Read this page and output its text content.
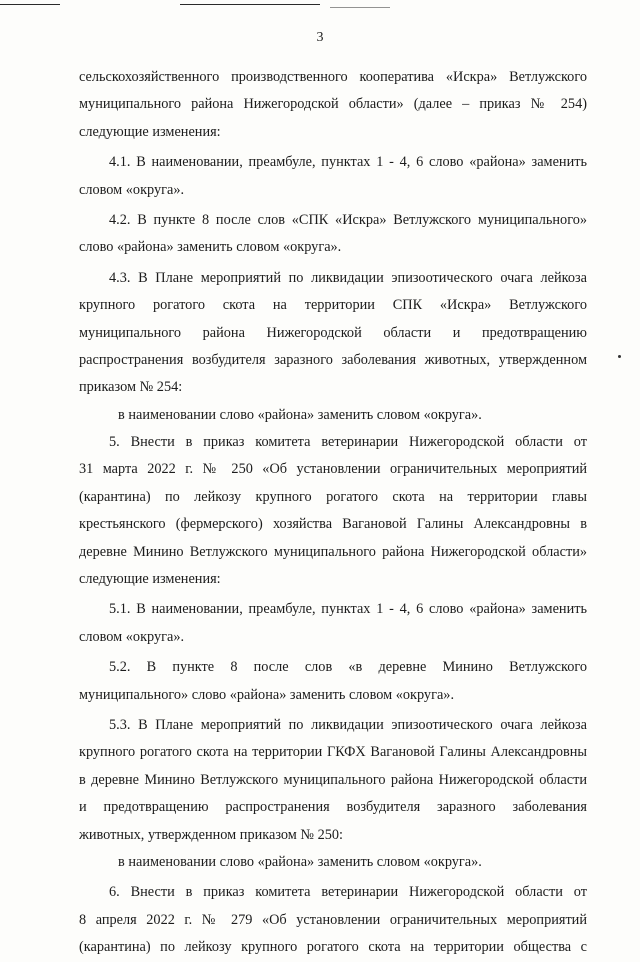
3
сельскохозяйственного производственного кооператива «Искра» Ветлужского
муниципального района Нижегородской области» (далее – приказ № 254)
следующие изменения:
4.1. В наименовании, преамбуле, пунктах 1 - 4, 6 слово «района» заменить
словом «округа».
4.2. В пункте 8 после слов «СПК «Искра» Ветлужского муниципального»
слово «района» заменить словом «округа».
4.3. В Плане мероприятий по ликвидации эпизоотического очага лейкоза
крупного рогатого скота на территории СПК «Искра» Ветлужского
муниципального района Нижегородской области и предотвращению
распространения возбудителя заразного заболевания животных, утвержденном
приказом № 254:
в наименовании слово «района» заменить словом «округа».
5. Внести в приказ комитета ветеринарии Нижегородской области от
31 марта 2022 г. № 250 «Об установлении ограничительных мероприятий
(карантина) по лейкозу крупного рогатого скота на территории главы
крестьянского (фермерского) хозяйства Вагановой Галины Александровны в
деревне Минино Ветлужского муниципального района Нижегородской области»
следующие изменения:
5.1. В наименовании, преамбуле, пунктах 1 - 4, 6 слово «района» заменить
словом «округа».
5.2. В пункте 8 после слов «в деревне Минино Ветлужского
муниципального» слово «района» заменить словом «округа».
5.3. В Плане мероприятий по ликвидации эпизоотического очага лейкоза
крупного рогатого скота на территории ГКФХ Вагановой Галины Александровны
в деревне Минино Ветлужского муниципального района Нижегородской области
и предотвращению распространения возбудителя заразного заболевания
животных, утвержденном приказом № 250:
в наименовании слово «района» заменить словом «округа».
6. Внести в приказ комитета ветеринарии Нижегородской области от
8 апреля 2022 г. № 279 «Об установлении ограничительных мероприятий
(карантина) по лейкозу крупного рогатого скота на территории общества с
